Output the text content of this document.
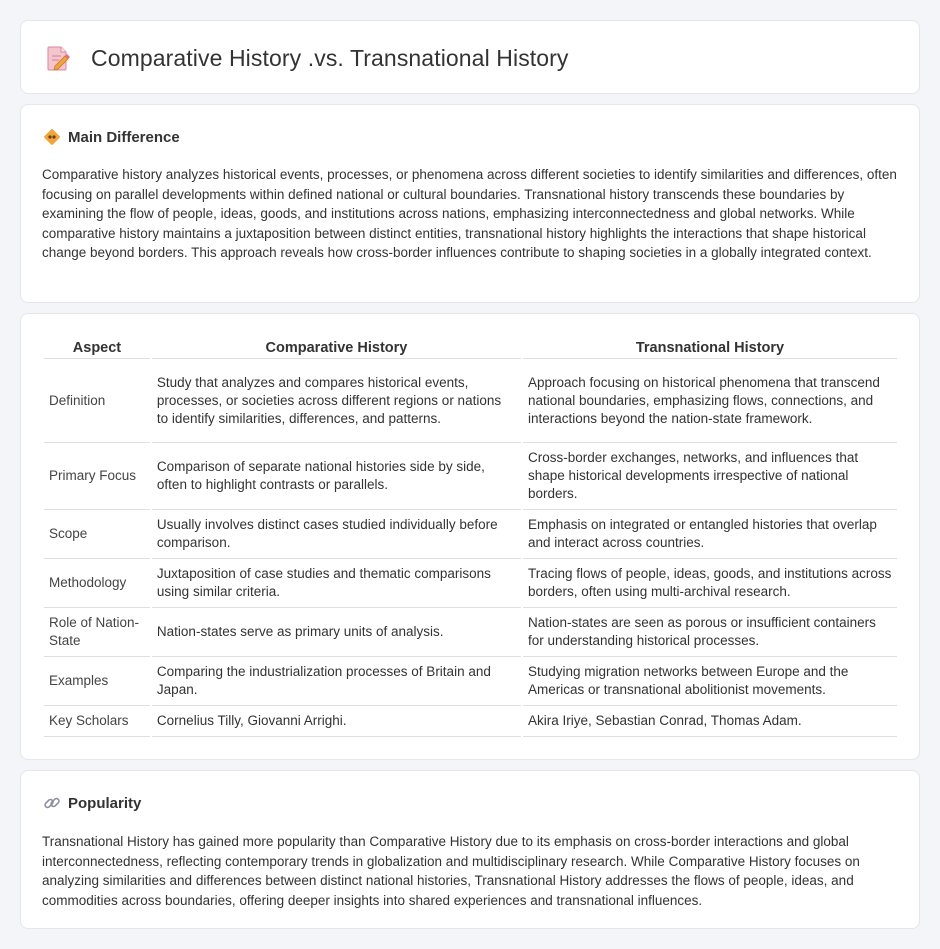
Comparative History .vs. Transnational History
Main Difference

Comparative history analyzes historical events, processes, or phenomena across different societies to identify similarities and differences, often focusing on parallel developments within defined national or cultural boundaries. Transnational history transcends these boundaries by examining the flow of people, ideas, goods, and institutions across nations, emphasizing interconnectedness and global networks. While comparative history maintains a juxtaposition between distinct entities, transnational history highlights the interactions that shape historical change beyond borders. This approach reveals how cross-border influences contribute to shaping societies in a globally integrated context.

Aspect	Comparative History	Transnational History
Definition	Study that analyzes and compares historical events, processes, or societies across different regions or nations to identify similarities, differences, and patterns.	Approach focusing on historical phenomena that transcend national boundaries, emphasizing flows, connections, and interactions beyond the nation-state framework.
Primary Focus	Comparison of separate national histories side by side, often to highlight contrasts or parallels.	Cross-border exchanges, networks, and influences that shape historical developments irrespective of national borders.
Scope	Usually involves distinct cases studied individually before comparison.	Emphasis on integrated or entangled histories that overlap and interact across countries.
Methodology	Juxtaposition of case studies and thematic comparisons using similar criteria.	Tracing flows of people, ideas, goods, and institutions across borders, often using multi-archival research.
Role of Nation-State	Nation-states serve as primary units of analysis.	Nation-states are seen as porous or insufficient containers for understanding historical processes.
Examples	Comparing the industrialization processes of Britain and Japan.	Studying migration networks between Europe and the Americas or transnational abolitionist movements.
Key Scholars	Cornelius Tilly, Giovanni Arrighi.	Akira Iriye, Sebastian Conrad, Thomas Adam.
Popularity

Transnational History has gained more popularity than Comparative History due to its emphasis on cross-border interactions and global interconnectedness, reflecting contemporary trends in globalization and multidisciplinary research. While Comparative History focuses on analyzing similarities and differences between distinct national histories, Transnational History addresses the flows of people, ideas, and commodities across boundaries, offering deeper insights into shared experiences and transnational influences.
